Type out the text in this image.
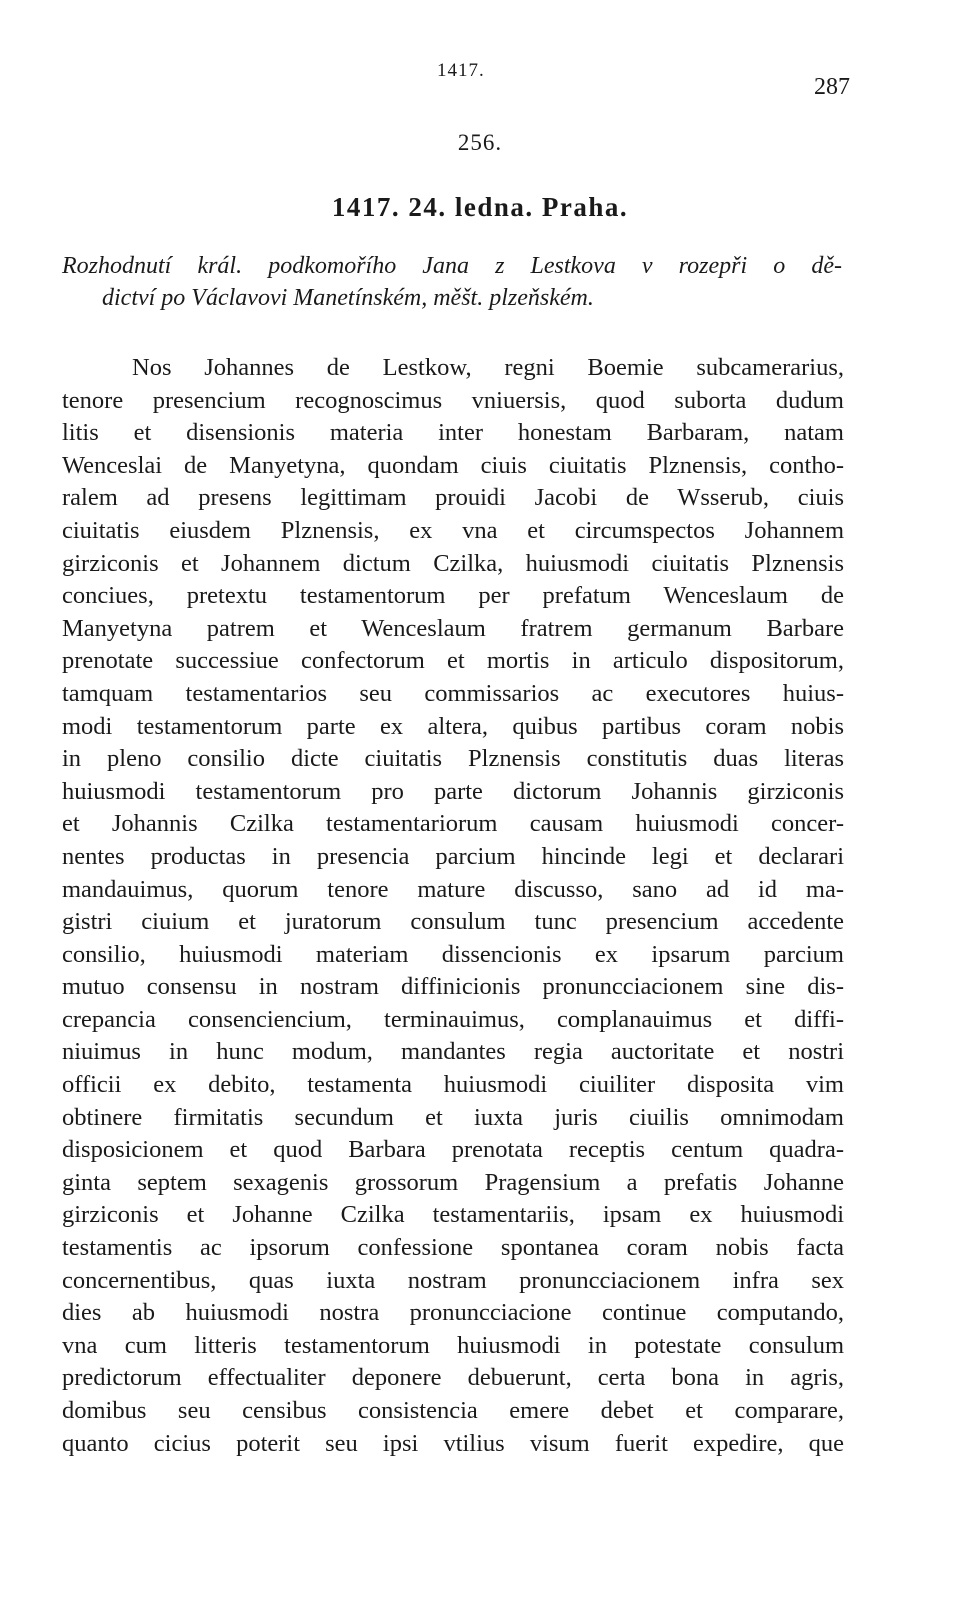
1417.
287
256.
1417. 24. ledna. Praha.
Rozhodnutí král. podkomořího Jana z Lestkova v rozepři o dě-
dictví po Václavovi Manetínském, měšt. plzeňském.
Nos Johannes de Lestkow, regni Boemie subcamerarius,
tenore presencium recognoscimus vniuersis, quod suborta dudum
litis et disensionis materia inter honestam Barbaram, natam
Wenceslai de Manyetyna, quondam ciuis ciuitatis Plznensis, contho-
ralem ad presens legittimam prouidi Jacobi de Wsserub, ciuis
ciuitatis eiusdem Plznensis, ex vna et circumspectos Johannem
girziconis et Johannem dictum Czilka, huiusmodi ciuitatis Plznensis
conciues, pretextu testamentorum per prefatum Wenceslaum de
Manyetyna patrem et Wenceslaum fratrem germanum Barbare
prenotate successiue confectorum et mortis in articulo dispositorum,
tamquam testamentarios seu commissarios ac executores huius-
modi testamentorum parte ex altera, quibus partibus coram nobis
in pleno consilio dicte ciuitatis Plznensis constitutis duas literas
huiusmodi testamentorum pro parte dictorum Johannis girziconis
et Johannis Czilka testamentariorum causam huiusmodi concer-
nentes productas in presencia parcium hincinde legi et declarari
mandauimus, quorum tenore mature discusso, sano ad id ma-
gistri ciuium et juratorum consulum tunc presencium accedente
consilio, huiusmodi materiam dissencionis ex ipsarum parcium
mutuo consensu in nostram diffinicionis pronuncciacionem sine dis-
crepancia consenciencium, terminauimus, complanauimus et diffi-
niuimus in hunc modum, mandantes regia auctoritate et nostri
officii ex debito, testamenta huiusmodi ciuiliter disposita vim
obtinere firmitatis secundum et iuxta juris ciuilis omnimodam
disposicionem et quod Barbara prenotata receptis centum quadra-
ginta septem sexagenis grossorum Pragensium a prefatis Johanne
girziconis et Johanne Czilka testamentariis, ipsam ex huiusmodi
testamentis ac ipsorum confessione spontanea coram nobis facta
concernentibus, quas iuxta nostram pronuncciacionem infra sex
dies ab huiusmodi nostra pronuncciacione continue computando,
vna cum litteris testamentorum huiusmodi in potestate consulum
predictorum effectualiter deponere debuerunt, certa bona in agris,
domibus seu censibus consistencia emere debet et comparare,
quanto cicius poterit seu ipsi vtilius visum fuerit expedire, que
